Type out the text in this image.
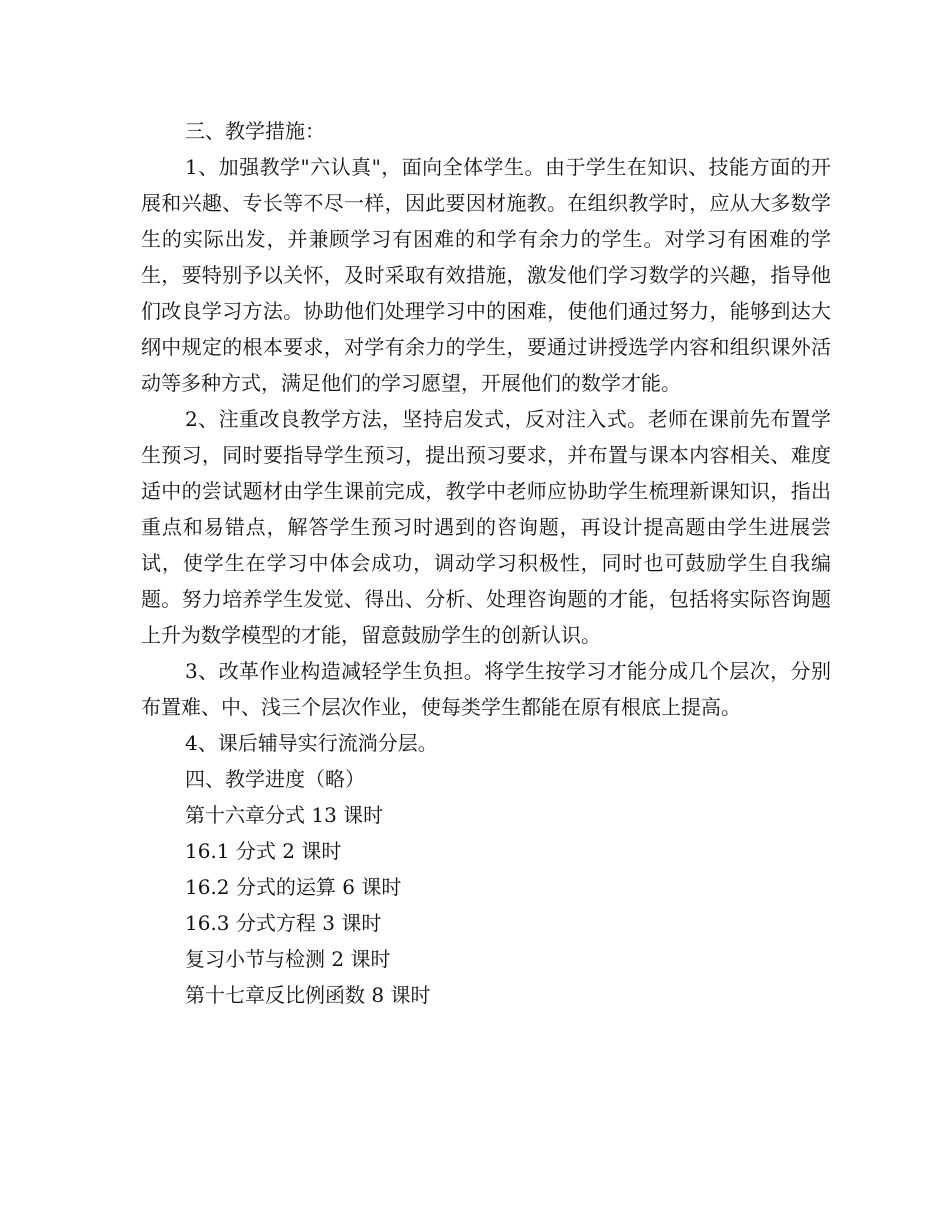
三、教学措施：

1、加强教学"六认真"，面向全体学生。由于学生在知识、技能方面的开展和兴趣、专长等不尽一样，因此要因材施教。在组织教学时，应从大多数学生的实际出发，并兼顾学习有困难的和学有余力的学生。对学习有困难的学生，要特别予以关怀，及时采取有效措施，激发他们学习数学的兴趣，指导他们改良学习方法。协助他们处理学习中的困难，使他们通过努力，能够到达大纲中规定的根本要求，对学有余力的学生，要通过讲授选学内容和组织课外活动等多种方式，满足他们的学习愿望，开展他们的数学才能。

2、注重改良教学方法，坚持启发式，反对注入式。老师在课前先布置学生预习，同时要指导学生预习，提出预习要求，并布置与课本内容相关、难度适中的尝试题材由学生课前完成，教学中老师应协助学生梳理新课知识，指出重点和易错点，解答学生预习时遇到的咨询题，再设计提高题由学生进展尝试，使学生在学习中体会成功，调动学习积极性，同时也可鼓励学生自我编题。努力培养学生发觉、得出、分析、处理咨询题的才能，包括将实际咨询题上升为数学模型的才能，留意鼓励学生的创新认识。

3、改革作业构造减轻学生负担。将学生按学习才能分成几个层次，分别布置难、中、浅三个层次作业，使每类学生都能在原有根底上提高。

4、课后辅导实行流淌分层。

四、教学进度（略）

第十六章分式 13 课时

16.1 分式 2 课时

16.2 分式的运算 6 课时

16.3 分式方程 3 课时

复习小节与检测 2 课时

第十七章反比例函数 8 课时
